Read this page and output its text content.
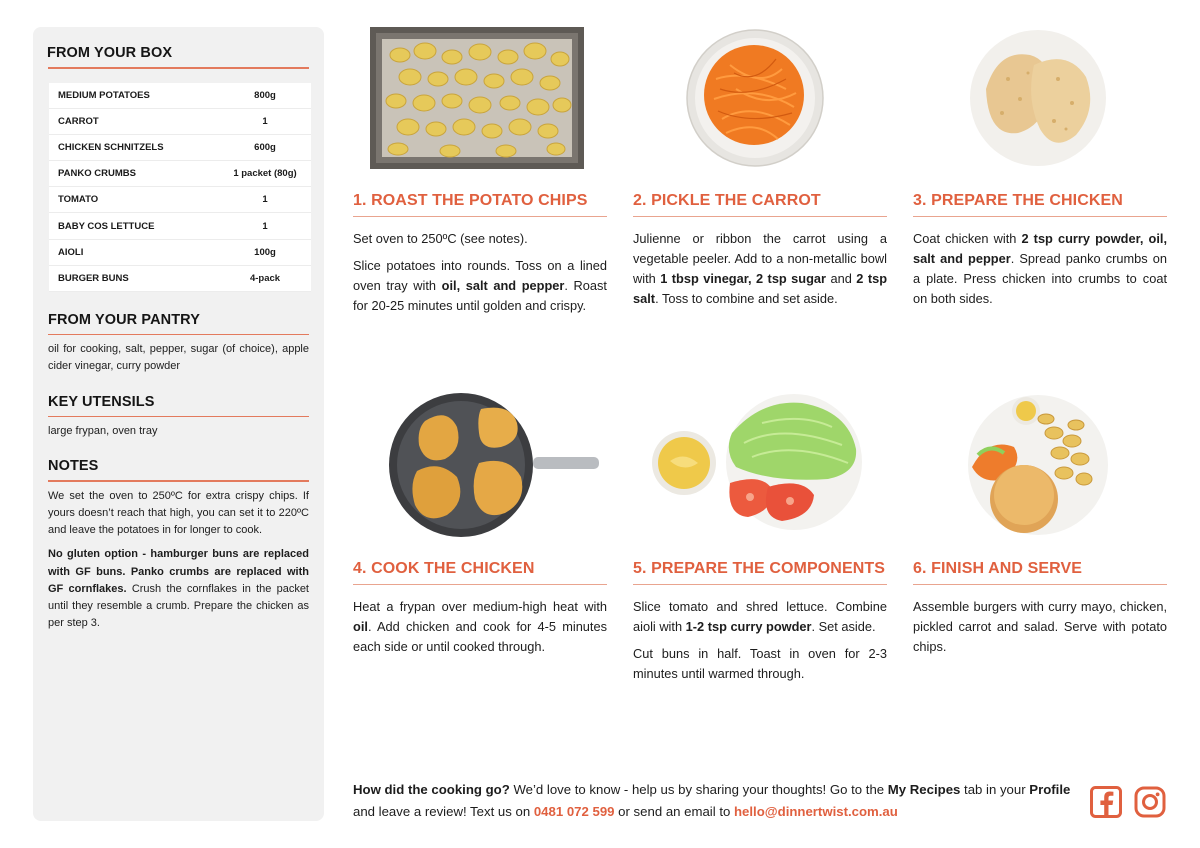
FROM YOUR BOX
MEDIUM POTATOES	800g
CARROT	1
CHICKEN SCHNITZELS	600g
PANKO CRUMBS	1 packet (80g)
TOMATO	1
BABY COS LETTUCE	1
AIOLI	100g
BURGER BUNS	4-pack
FROM YOUR PANTRY

oil for cooking, salt, pepper, sugar (of choice), apple cider vinegar, curry powder

KEY UTENSILS

large frypan, oven tray

NOTES

We set the oven to 250ºC for extra crispy chips. If yours doesn’t reach that high, you can set it to 220ºC and leave the potatoes in for longer to cook.

No gluten option - hamburger buns are replaced with GF buns. Panko crumbs are replaced with GF cornflakes. Crush the cornflakes in the packet until they resemble a crumb. Prepare the chicken as per step 3.

1. ROAST THE POTATO CHIPS

Set oven to 250ºC (see notes).

Slice potatoes into rounds. Toss on a lined oven tray with oil, salt and pepper. Roast for 20-25 minutes until golden and crispy.

2. PICKLE THE CARROT

Julienne or ribbon the carrot using a vegetable peeler. Add to a non-metallic bowl with 1 tbsp vinegar, 2 tsp sugar and 2 tsp salt. Toss to combine and set aside.

3. PREPARE THE CHICKEN

Coat chicken with 2 tsp curry powder, oil, salt and pepper. Spread panko crumbs on a plate. Press chicken into crumbs to coat on both sides.

4. COOK THE CHICKEN

Heat a frypan over medium-high heat with oil. Add chicken and cook for 4-5 minutes each side or until cooked through.

5. PREPARE THE COMPONENTS

Slice tomato and shred lettuce. Combine aioli with 1-2 tsp curry powder. Set aside.

Cut buns in half. Toast in oven for 2-3 minutes until warmed through.

6. FINISH AND SERVE

Assemble burgers with curry mayo, chicken, pickled carrot and salad. Serve with potato chips.

How did the cooking go? We’d love to know - help us by sharing your thoughts! Go to the My Recipes tab in your Profile and leave a review! Text us on 0481 072 599 or send an email to hello@dinnertwist.com.au
